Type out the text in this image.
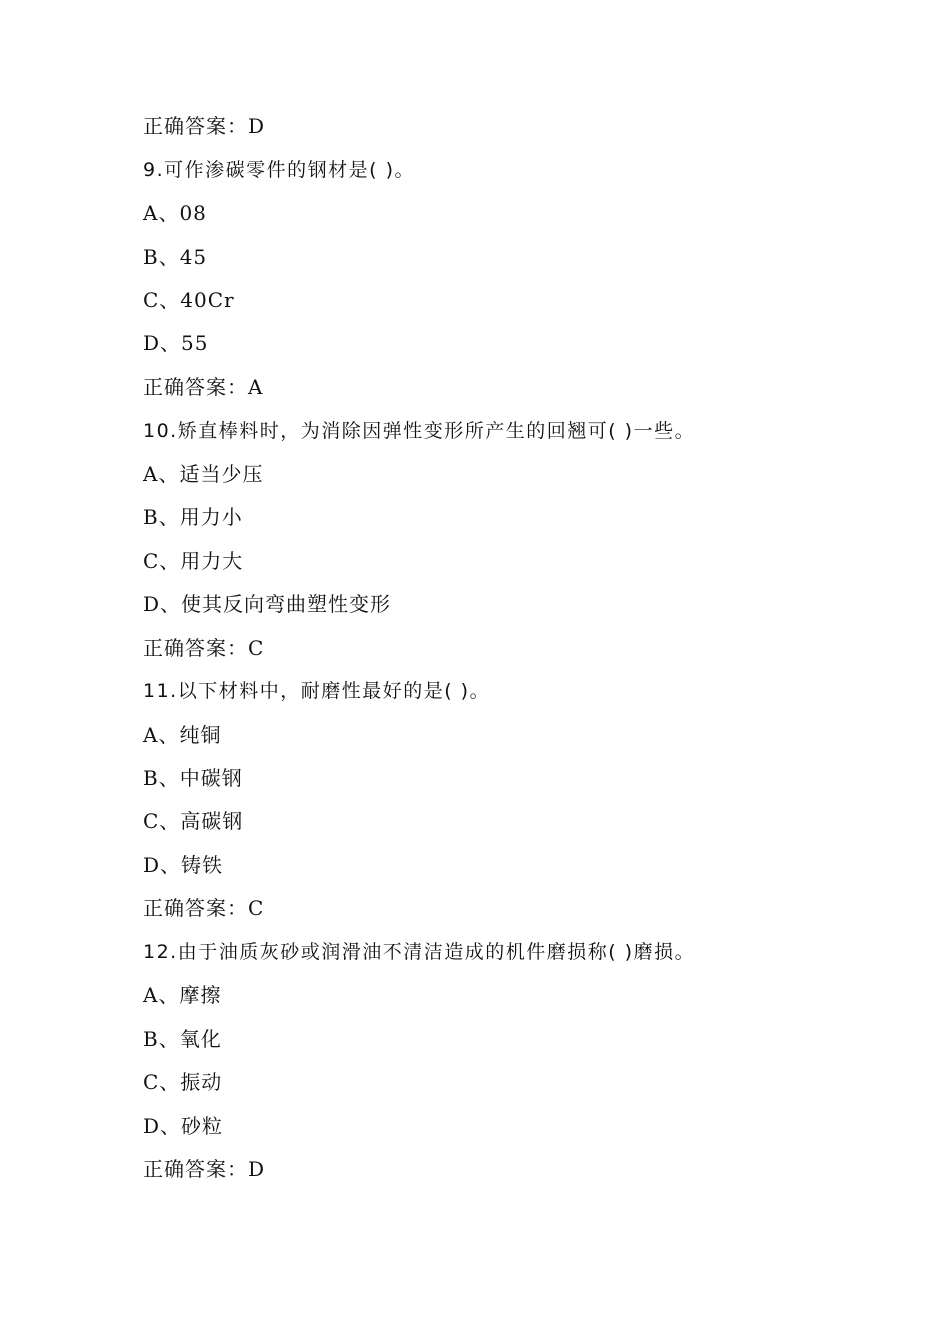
正确答案：D
9.可作渗碳零件的钢材是( )。
A、08
B、45
C、40Cr
D、55
正确答案：A
10.矫直棒料时，为消除因弹性变形所产生的回翘可( )一些。
A、适当少压
B、用力小
C、用力大
D、使其反向弯曲塑性变形
正确答案：C
11.以下材料中，耐磨性最好的是( )。
A、纯铜
B、中碳钢
C、高碳钢
D、铸铁
正确答案：C
12.由于油质灰砂或润滑油不清洁造成的机件磨损称( )磨损。
A、摩擦
B、氧化
C、振动
D、砂粒
正确答案：D
